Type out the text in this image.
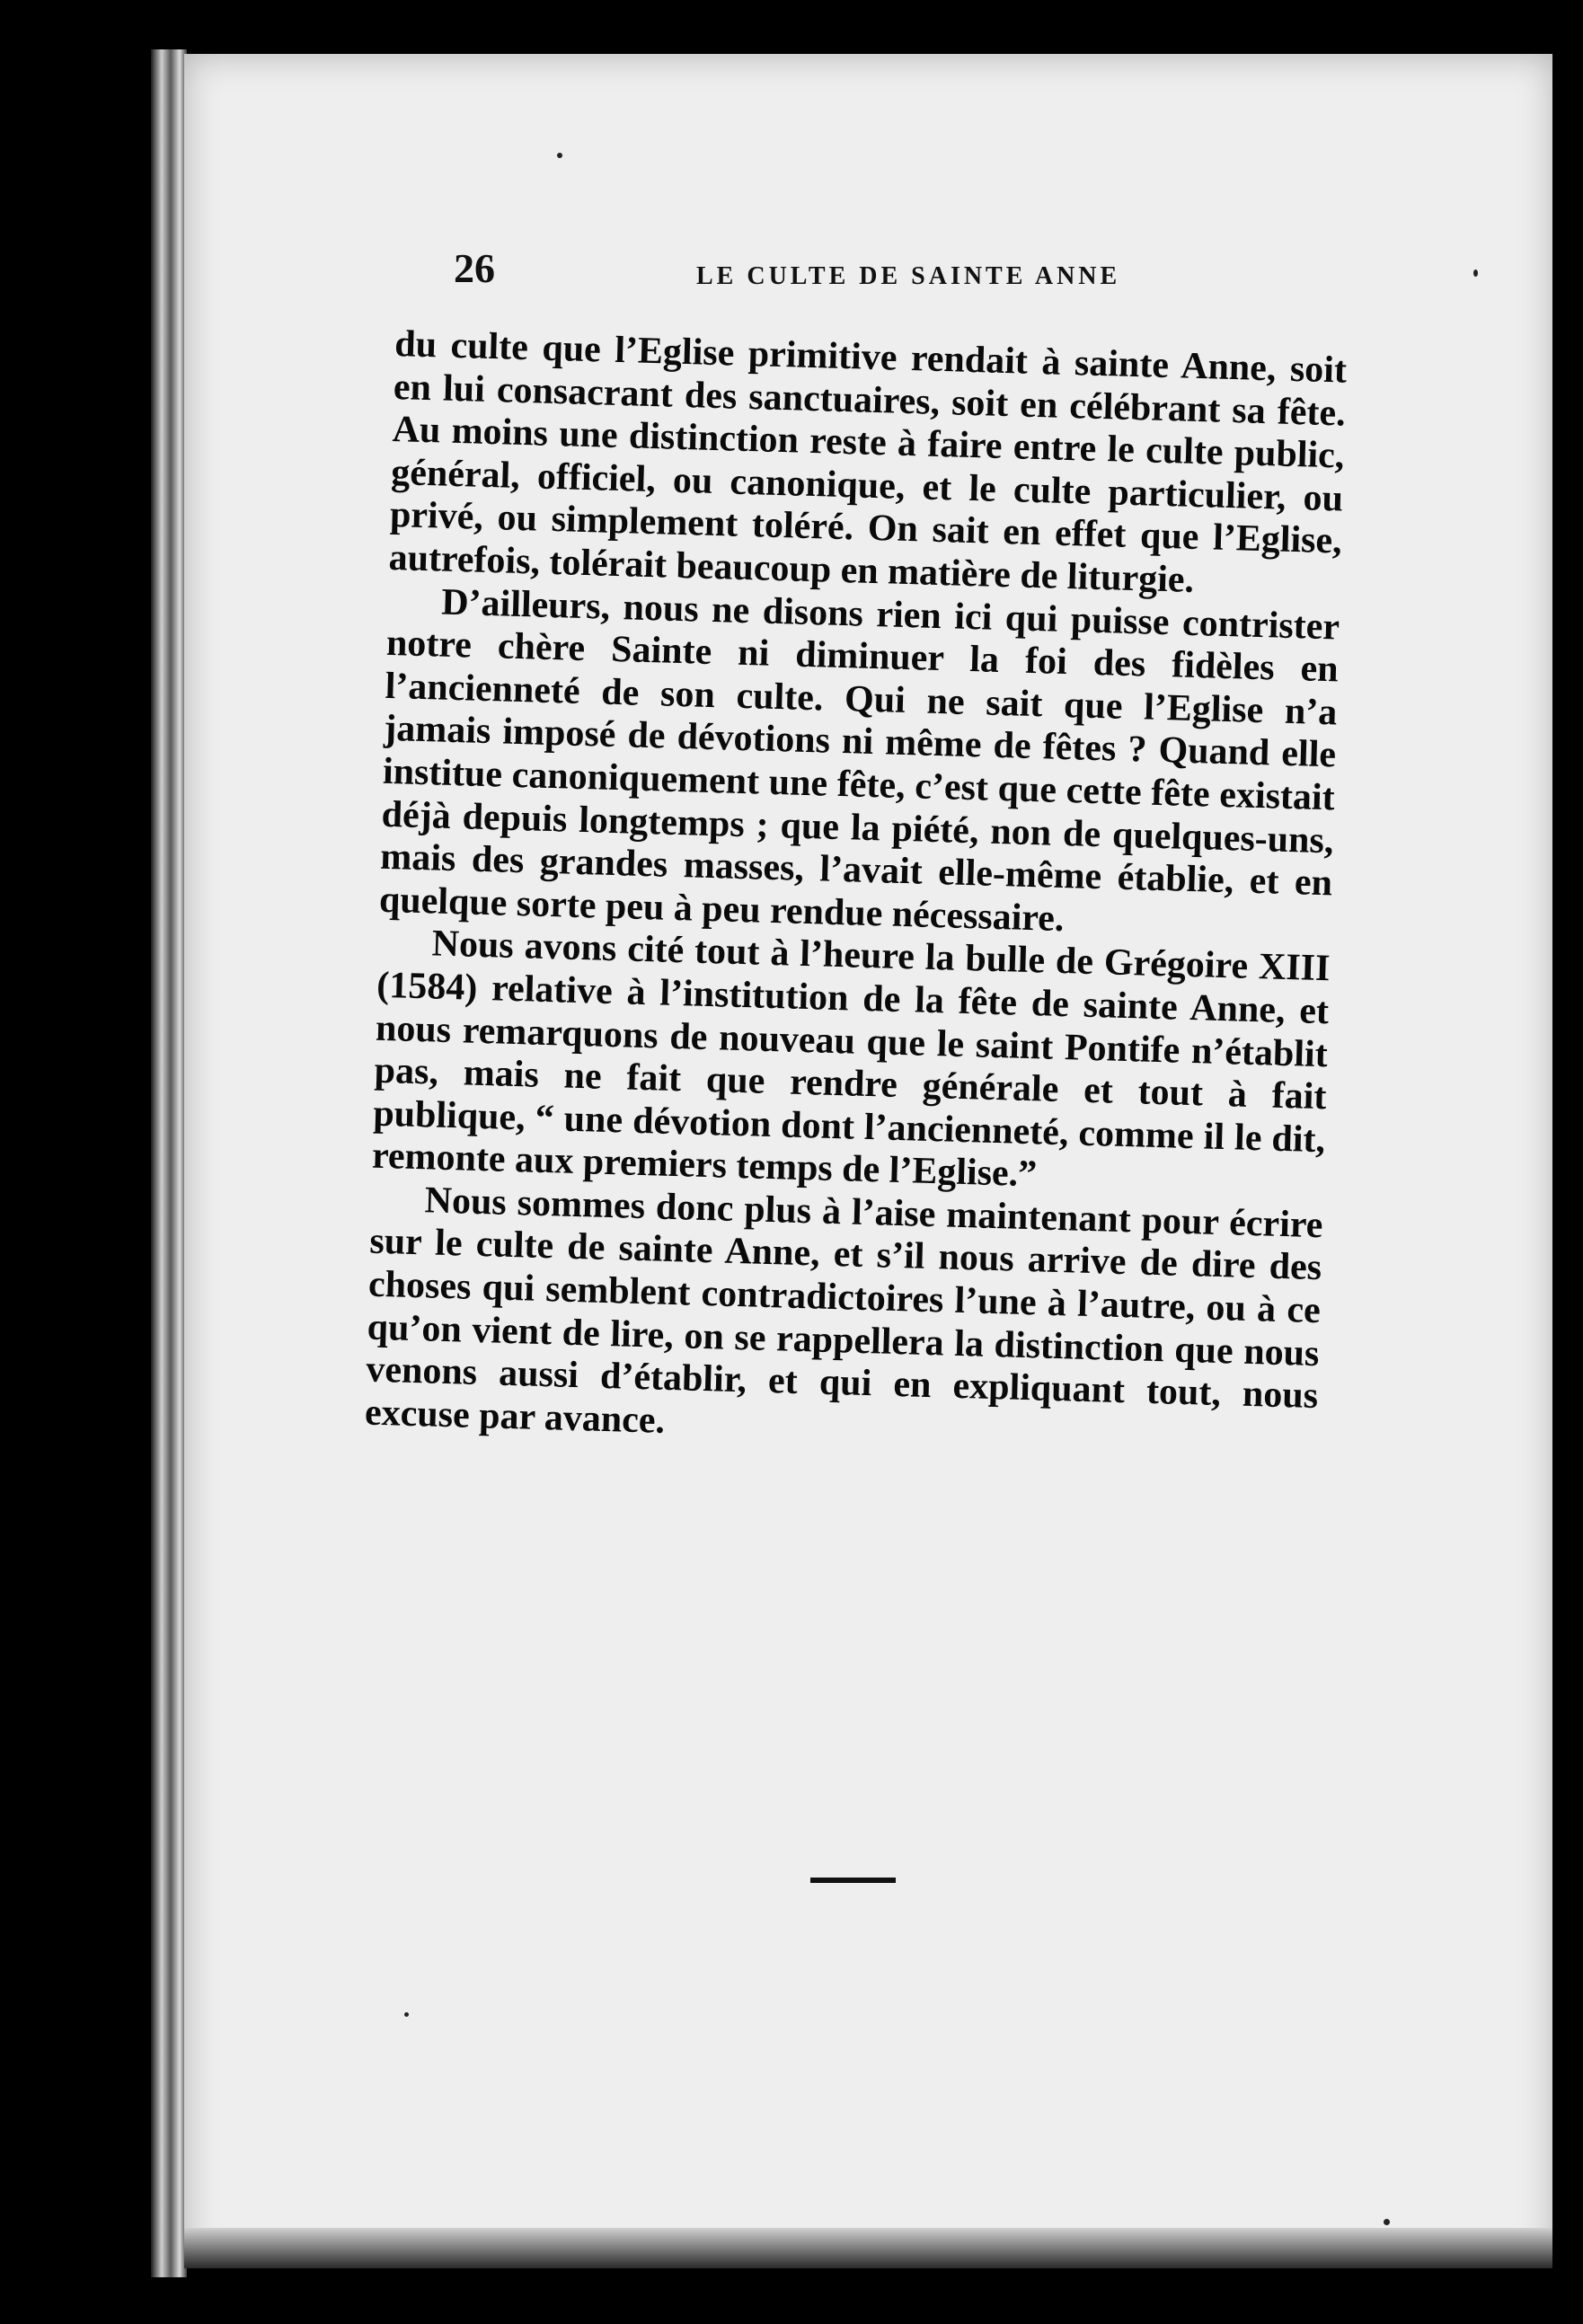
26	LE CULTE DE SAINTE ANNE

du culte que l’Eglise primitive rendait à sainte Anne, soit en lui consacrant des sanctuaires, soit en célébrant sa fête. Au moins une distinction reste à faire entre le culte public, général, officiel, ou canonique, et le culte particulier, ou privé, ou simplement toléré. On sait en effet que l’Eglise, autrefois, tolérait beaucoup en matière de liturgie.

D’ailleurs, nous ne disons rien ici qui puisse contrister notre chère Sainte ni diminuer la foi des fidèles en l’ancienneté de son culte. Qui ne sait que l’Eglise n’a jamais imposé de dévotions ni même de fêtes ? Quand elle institue canoniquement une fête, c’est que cette fête existait déjà depuis longtemps ; que la piété, non de quelques-uns, mais des grandes masses, l’avait elle-même établie, et en quelque sorte peu à peu rendue nécessaire.

Nous avons cité tout à l’heure la bulle de Grégoire XIII (1584) relative à l’institution de la fête de sainte Anne, et nous remarquons de nouveau que le saint Pontife n’établit pas, mais ne fait que rendre générale et tout à fait publique, “ une dévotion dont l’ancienneté, comme il le dit, remonte aux premiers temps de l’Eglise.”

Nous sommes donc plus à l’aise maintenant pour écrire sur le culte de sainte Anne, et s’il nous arrive de dire des choses qui semblent contradictoires l’une à l’autre, ou à ce qu’on vient de lire, on se rappellera la distinction que nous venons aussi d’établir, et qui en expliquant tout, nous excuse par avance.
